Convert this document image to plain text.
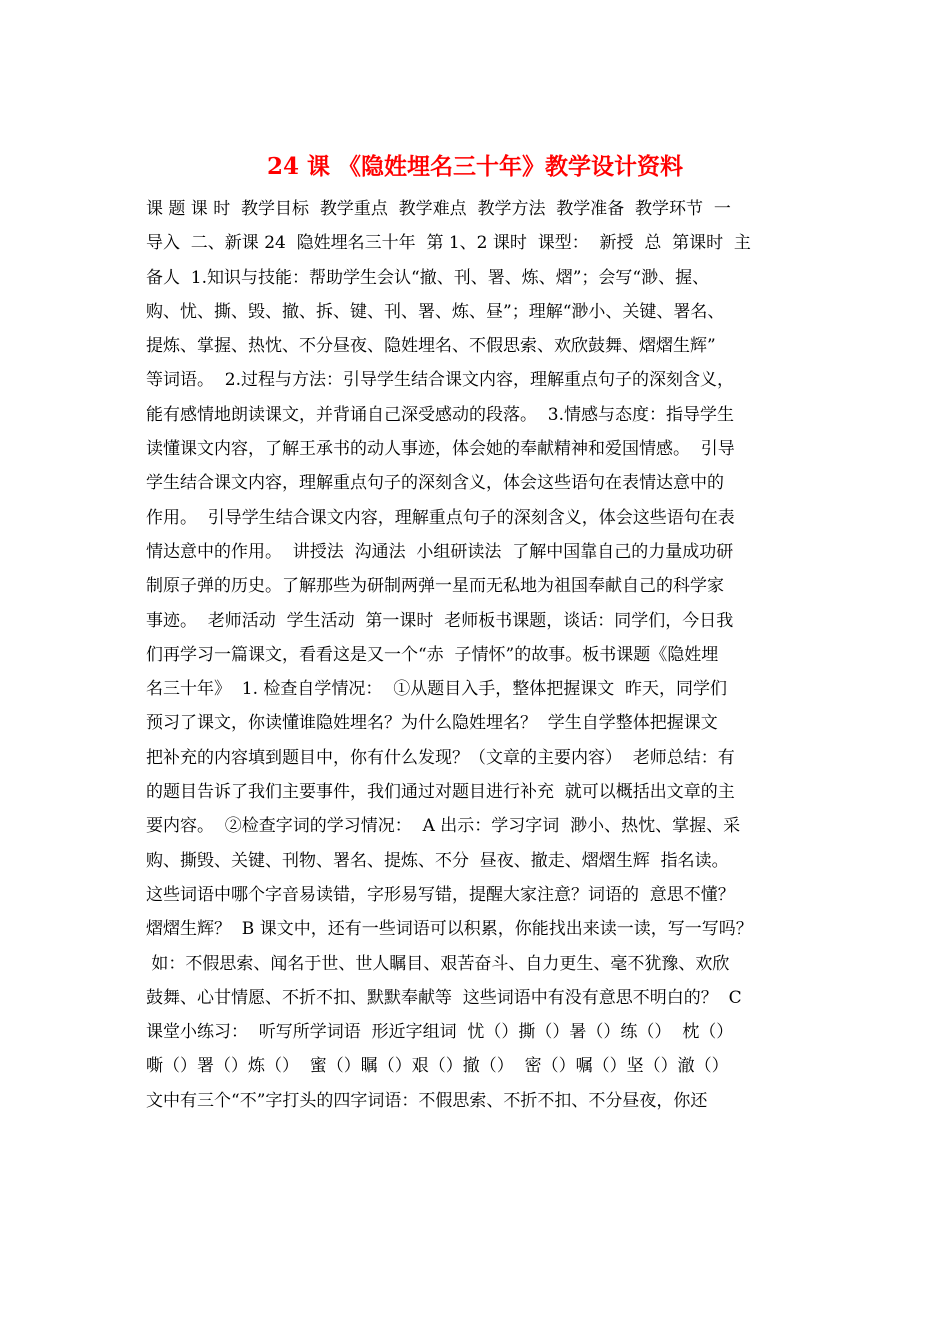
24 课 《隐姓埋名三十年》教学设计资料
课 题 课 时  教学目标  教学重点  教学难点  教学方法  教学准备  教学环节  一
导入  二、新课 24  隐姓埋名三十年  第 1、2 课时  课型：  新授  总  第课时  主
备人  1.知识与技能：帮助学生会认“撤、刊、署、炼、熠”；会写“渺、握、
购、忧、撕、毁、撤、拆、键、刊、署、炼、昼”；理解“渺小、关键、署名、
提炼、掌握、热忱、不分昼夜、隐姓埋名、不假思索、欢欣鼓舞、熠熠生辉”
等词语。  2.过程与方法：引导学生结合课文内容，理解重点句子的深刻含义，
能有感情地朗读课文，并背诵自己深受感动的段落。  3.情感与态度：指导学生
读懂课文内容，了解王承书的动人事迹，体会她的奉献精神和爱国情感。  引导
学生结合课文内容，理解重点句子的深刻含义，体会这些语句在表情达意中的
作用。  引导学生结合课文内容，理解重点句子的深刻含义，体会这些语句在表
情达意中的作用。  讲授法  沟通法  小组研读法  了解中国靠自己的力量成功研
制原子弹的历史。了解那些为研制两弹一星而无私地为祖国奉献自己的科学家
事迹。  老师活动  学生活动  第一课时  老师板书课题，谈话：同学们，今日我
们再学习一篇课文，看看这是又一个“赤  子情怀”的故事。板书课题《隐姓埋
名三十年》  1. 检查自学情况：  ①从题目入手，整体把握课文  昨天，同学们
预习了课文，你读懂谁隐姓埋名？为什么隐姓埋名？  学生自学整体把握课文
把补充的内容填到题目中，你有什么发现？（文章的主要内容）  老师总结：有
的题目告诉了我们主要事件，我们通过对题目进行补充  就可以概括出文章的主
要内容。  ②检查字词的学习情况：  A 出示：学习字词  渺小、热忱、掌握、采
购、撕毁、关键、刊物、署名、提炼、不分  昼夜、撤走、熠熠生辉  指名读。
这些词语中哪个字音易读错，字形易写错，提醒大家注意？词语的  意思不懂？
熠熠生辉？  B 课文中，还有一些词语可以积累，你能找出来读一读，写一写吗？
如：不假思索、闻名于世、世人瞩目、艰苦奋斗、自力更生、毫不犹豫、欢欣
鼓舞、心甘情愿、不折不扣、默默奉献等  这些词语中有没有意思不明白的？  C
课堂小练习：  听写所学词语  形近字组词  忧（）撕（）暑（）练（）  枕（）
嘶（）署（）炼（）  蜜（）瞩（）艰（）撤（）  密（）嘱（）坚（）澈（）
文中有三个“不”字打头的四字词语：不假思索、不折不扣、不分昼夜，你还
